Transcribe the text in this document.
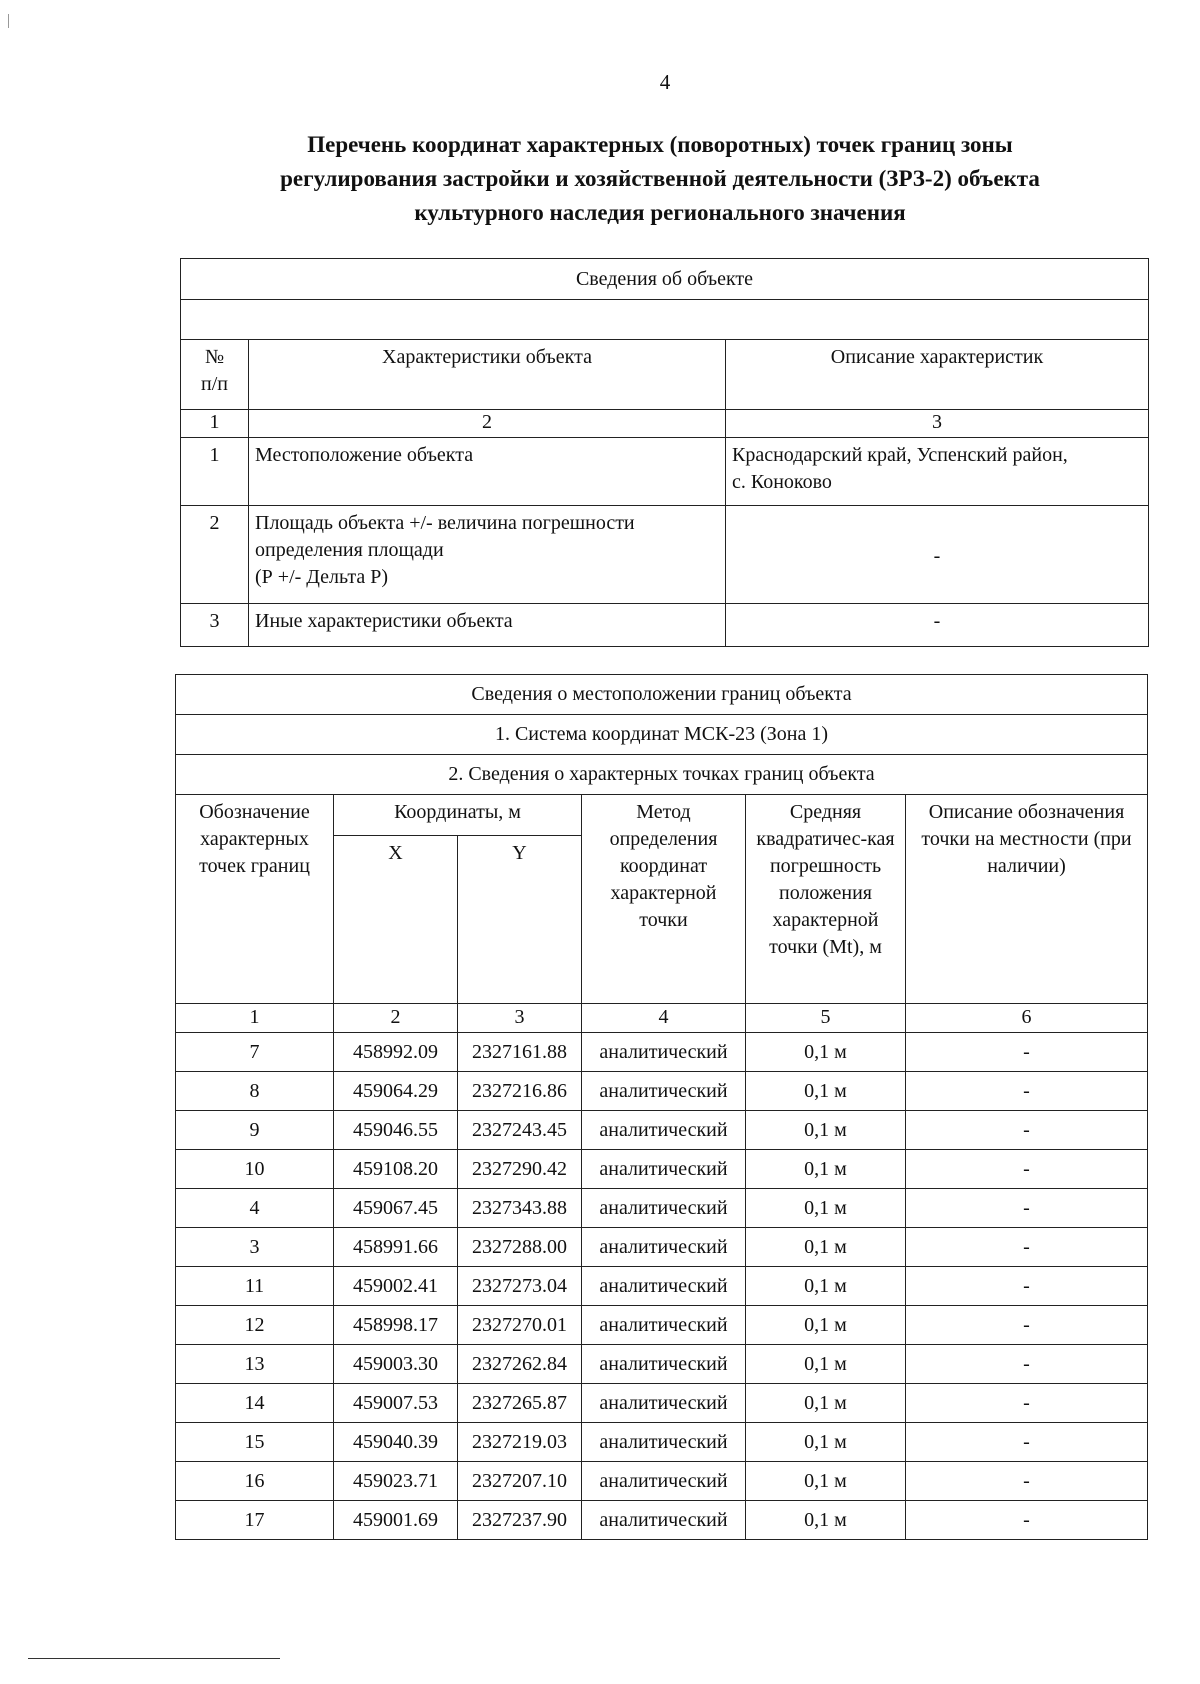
4
Перечень координат характерных (поворотных) точек границ зоны
регулирования застройки и хозяйственной деятельности (ЗРЗ-2) объекта
культурного наследия регионального значения
Сведения об объекте		

№
п/п	Характеристики объекта	Описание характеристик
1	2	3
1	Местоположение объекта	Краснодарский край, Успенский район,
с. Коноково

2	Площадь объекта +/- величина погрешности
определения площади
(Р +/- Дельта Р)	-
3	Иные характеристики объекта	-
Сведения о местоположении границ объекта					
1. Система координат МСК-23 (Зона 1)					
2. Сведения о характерных точках границ объекта					
Обозначение характерных точек границ	Координаты, м		Метод определения координат характерной точки	Средняя квадратичес-кая погрешность положения характерной точки (Mt), м	Описание обозначения точки на местности (при наличии)
	X	Y			
1	2	3	4	5	6
7	458992.09	2327161.88	аналитический	0,1 м	-
8	459064.29	2327216.86	аналитический	0,1 м	-
9	459046.55	2327243.45	аналитический	0,1 м	-
10	459108.20	2327290.42	аналитический	0,1 м	-
4	459067.45	2327343.88	аналитический	0,1 м	-
3	458991.66	2327288.00	аналитический	0,1 м	-
11	459002.41	2327273.04	аналитический	0,1 м	-
12	458998.17	2327270.01	аналитический	0,1 м	-
13	459003.30	2327262.84	аналитический	0,1 м	-
14	459007.53	2327265.87	аналитический	0,1 м	-
15	459040.39	2327219.03	аналитический	0,1 м	-
16	459023.71	2327207.10	аналитический	0,1 м	-
17	459001.69	2327237.90	аналитический	0,1 м	-
